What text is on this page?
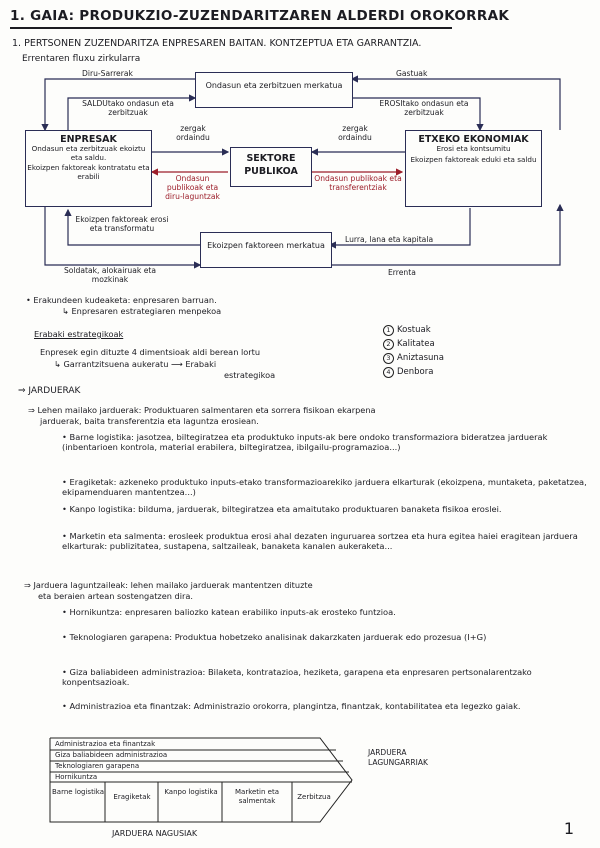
1. GAIA: PRODUKZIO-ZUZENDARITZAREN ALDERDI OROKORRAK
1. PERTSONEN ZUZENDARITZA ENPRESAREN BAITAN. KONTZEPTUA ETA GARRANTZIA.
Errentaren fluxu zirkularra
Ondasun eta zerbitzuen merkatua
ENPRESAK
Ondasun eta zerbitzuak ekoiztu eta saldu.
Ekoizpen faktoreak kontratatu eta erabili
SEKTORE PUBLIKOA
ETXEKO EKONOMIAK
Erosi eta kontsumitu
Ekoizpen faktoreak eduki eta saldu
Ekoizpen faktoreen merkatua
Diru-Sarrerak	Gastuak
SALDUtako ondasun eta zerbitzuak
EROSItako ondasun eta zerbitzuak
zergak ordaindu
zergak ordaindu
Ondasun publikoak eta diru-laguntzak
Ondasun publikoak eta transferentziak
Ekoizpen faktoreak erosi eta transformatu
Lurra, lana eta kapitala
Soldatak, alokairuak eta mozkinak
Errenta
• Erakundeen kudeaketa: enpresaren barruan.
↳ Enpresaren estrategiaren menpekoa
Erabaki estrategikoak
Enpresek egin dituzte 4 dimentsioak aldi berean lortu
↳ Garrantzitsuena aukeratu ⟶ Erabaki
estrategikoa
1 Kostuak
2 Kalitatea
3 Aniztasuna
4 Denbora
⇒ JARDUERAK
⇒ Lehen mailako jarduerak: Produktuaren salmentaren eta sorrera fisikoan ekarpena
jarduerak, baita transferentzia eta laguntza erosiean.
• Barne logistika: jasotzea, biltegiratzea eta produktuko inputs-ak bere ondoko transformaziora bideratzea jarduerak (inbentarioen kontrola, material erabilera, biltegiratzea, ibilgailu-programazioa...)
• Eragiketak: azkeneko produktuko inputs-etako transformazioarekiko jarduera elkarturak (ekoizpena, muntaketa, paketatzea, ekipamenduaren mantentzea...)
• Kanpo logistika: bilduma, jarduerak, biltegiratzea eta amaitutako produktuaren banaketa fisikoa eroslei.
• Marketin eta salmenta: erosleek produktua erosi ahal dezaten inguruarea sortzea eta hura egitea haiei eragitean jarduera elkarturak: publizitatea, sustapena, saltzaileak, banaketa kanalen aukeraketa...
⇒ Jarduera laguntzaileak: lehen mailako jarduerak mantentzen dituzte
eta beraien artean sostengatzen dira.
• Hornikuntza: enpresaren baliozko katean erabiliko inputs-ak erosteko funtzioa.
• Teknologiaren garapena: Produktua hobetzeko analisinak dakarzkaten jarduerak edo prozesua (I+G)
• Giza baliabideen administrazioa: Bilaketa, kontratazioa, heziketa, garapena eta enpresaren pertsonalarentzako konpentsazioak.
• Administrazioa eta finantzak: Administrazio orokorra, plangintza, finantzak, kontabilitatea eta legezko gaiak.
Administrazioa eta finantzak
Giza baliabideen administrazioa
Teknologiaren garapena
Hornikuntza
Barne logistika
Eragiketak
Kanpo logistika	Marketin eta salmentak	Zerbitzua
JARDUERA
LAGUNGARRIAK
JARDUERA NAGUSIAK	1
